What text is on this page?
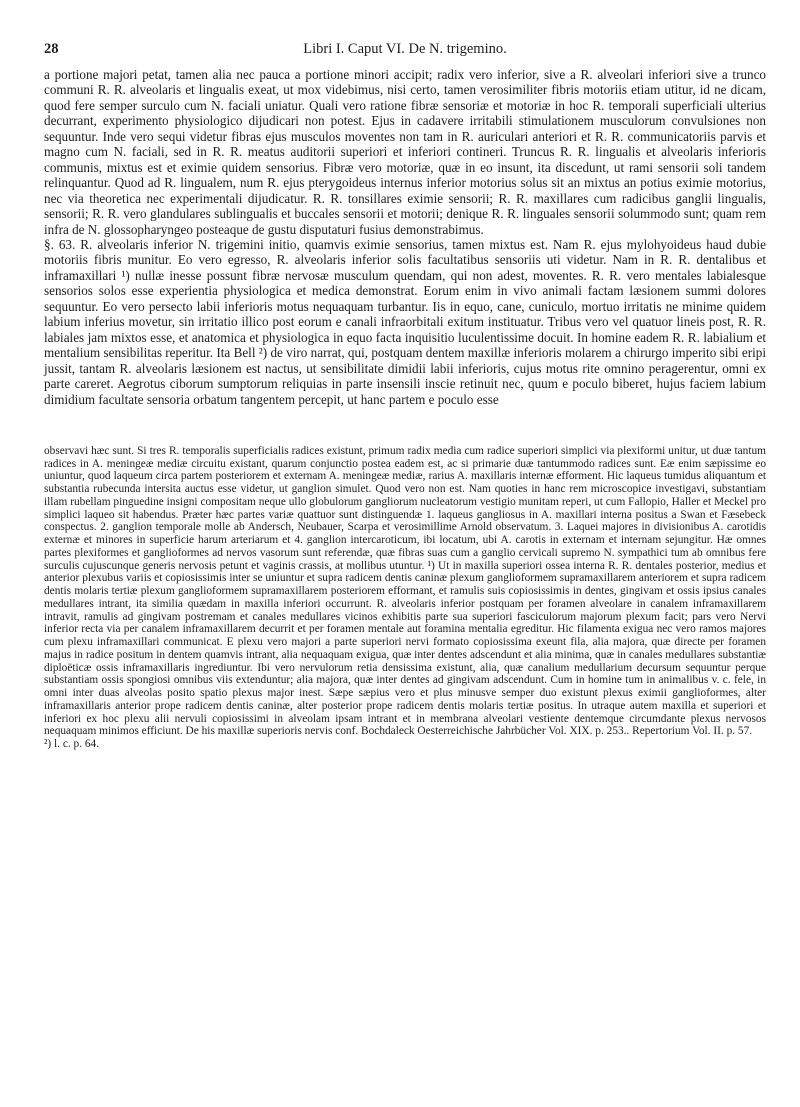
28	Libri I. Caput VI. De N. trigemino.

a portione majori petat, tamen alia nec pauca a portione minori accipit; radix vero inferior, sive a R. alveolari inferiori sive a trunco communi R. R. alveolaris et lingualis exeat, ut mox videbimus, nisi certo, tamen verosimiliter fibris motoriis etiam utitur, id ne dicam, quod fere semper surculo cum N. faciali uniatur. Quali vero ratione fibræ sensoriæ et motoriæ in hoc R. temporali superficiali ulterius decurrant, experimento physiologico dijudicari non potest. Ejus in cadavere irritabili stimulationem musculorum convulsiones non sequuntur. Inde vero sequi videtur fibras ejus musculos moventes non tam in R. auriculari anteriori et R. R. communicatoriis parvis et magno cum N. faciali, sed in R. R. meatus auditorii superiori et inferiori contineri. Truncus R. R. lingualis et alveolaris inferioris communis, mixtus est et eximie quidem sensorius. Fibræ vero motoriæ, quæ in eo insunt, ita discedunt, ut rami sensorii soli tandem relinquantur. Quod ad R. lingualem, num R. ejus pterygoideus internus inferior motorius solus sit an mixtus an potius eximie motorius, nec via theoretica nec experimentali dijudicatur. R. R. tonsillares eximie sensorii; R. R. maxillares cum radicibus ganglii lingualis, sensorii; R. R. vero glandulares sublingualis et buccales sensorii et motorii; denique R. R. linguales sensorii solummodo sunt; quam rem infra de N. glossopharyngeo posteaque de gustu disputaturi fusius demonstrabimus.

§. 63. R. alveolaris inferior N. trigemini initio, quamvis eximie sensorius, tamen mixtus est. Nam R. ejus mylohyoideus haud dubie motoriis fibris munitur. Eo vero egresso, R. alveolaris inferior solis facultatibus sensoriis uti videtur. Nam in R. R. dentalibus et inframaxillari ¹) nullæ inesse possunt fibræ nervosæ musculum quendam, qui non adest, moventes. R. R. vero mentales labialesque sensorios solos esse experientia physiologica et medica demonstrat. Eorum enim in vivo animali factam læsionem summi dolores sequuntur. Eo vero persecto labii inferioris motus nequaquam turbantur. Iis in equo, cane, cuniculo, mortuo irritatis ne minime quidem labium inferius movetur, sin irritatio illico post eorum e canali infraorbitali exitum instituatur. Tribus vero vel quatuor lineis post, R. R. labiales jam mixtos esse, et anatomica et physiologica in equo facta inquisitio luculentissime docuit. In homine eadem R. R. labialium et mentalium sensibilitas reperitur. Ita Bell ²) de viro narrat, qui, postquam dentem maxillæ inferioris molarem a chirurgo imperito sibi eripi jussit, tantam R. alveolaris læsionem est nactus, ut sensibilitate dimidii labii inferioris, cujus motus rite omnino peragerentur, omni ex parte careret. Aegrotus ciborum sumptorum reliquias in parte insensili inscie retinuit nec, quum e poculo biberet, hujus faciem labium dimidium facultate sensoria orbatum tangentem percepit, ut hanc partem e poculo esse

observavi hæc sunt. Si tres R. temporalis superficialis radices existunt, primum radix media cum radice superiori simplici via plexiformi unitur, ut duæ tantum radices in A. meningeæ mediæ circuitu existant, quarum conjunctio postea eadem est, ac si primarie duæ tantummodo radices sunt. Eæ enim sæpissime eo uniuntur, quod laqueum circa partem posteriorem et externam A. meningeæ mediæ, rarius A. maxillaris internæ efforment. Hic laqueus tumidus aliquantum et substantia rubecunda intersita auctus esse videtur, ut ganglion simulet. Quod vero non est. Nam quoties in hanc rem microscopice investigavi, substantiam illam rubellam pinguedine insigni compositam neque ullo globulorum gangliorum nucleatorum vestigio munitam reperi, ut cum Fallopio, Haller et Meckel pro simplici laqueo sit habendus. Præter hæc partes variæ quattuor sunt distinguendæ 1. laqueus gangliosus in A. maxillari interna positus a Swan et Fæsebeck conspectus. 2. ganglion temporale molle ab Andersch, Neubauer, Scarpa et verosimillime Arnold observatum. 3. Laquei majores in divisionibus A. carotidis externæ et minores in superficie harum arteriarum et 4. ganglion intercaroticum, ibi locatum, ubi A. carotis in externam et internam sejungitur. Hæ omnes partes plexiformes et ganglioformes ad nervos vasorum sunt referendæ, quæ fibras suas cum a ganglio cervicali supremo N. sympathici tum ab omnibus fere surculis cujuscunque generis nervosis petunt et vaginis crassis, at mollibus utuntur. ¹) Ut in maxilla superiori ossea interna R. R. dentales posterior, medius et anterior plexubus variis et copiosissimis inter se uniuntur et supra radicem dentis caninæ plexum ganglioformem supramaxillarem anteriorem et supra radicem dentis molaris tertiæ plexum ganglioformem supramaxillarem posteriorem efformant, et ramulis suis copiosissimis in dentes, gingivam et ossis ipsius canales medullares intrant, ita similia quædam in maxilla inferiori occurrunt. R. alveolaris inferior postquam per foramen alveolare in canalem inframaxillarem intravit, ramulis ad gingivam postremam et canales medullares vicinos exhibitis parte sua superiori fasciculorum majorum plexum facit; pars vero Nervi inferior recta via per canalem inframaxillarem decurrit et per foramen mentale aut foramina mentalia egreditur. Hic filamenta exigua nec vero ramos majores cum plexu inframaxillari communicat. E plexu vero majori a parte superiori nervi formato copiosissima exeunt fila, alia majora, quæ directe per foramen majus in radice positum in dentem quamvis intrant, alia nequaquam exigua, quæ inter dentes adscendunt et alia minima, quæ in canales medullares substantiæ diploëticæ ossis inframaxillaris ingrediuntur. Ibi vero nervulorum retia densissima existunt, alia, quæ canalium medullarium decursum sequuntur perque substantiam ossis spongiosi omnibus viis extenduntur; alia majora, quæ inter dentes ad gingivam adscendunt. Cum in homine tum in animalibus v. c. fele, in omni inter duas alveolas posito spatio plexus major inest. Sæpe sæpius vero et plus minusve semper duo existunt plexus eximii ganglioformes, alter inframaxillaris anterior prope radicem dentis caninæ, alter posterior prope radicem dentis molaris tertiæ positus. In utraque autem maxilla et superiori et inferiori ex hoc plexu alii nervuli copiosissimi in alveolam ipsam intrant et in membrana alveolari vestiente dentemque circumdante plexus nervosos nequaquam minimos efficiunt. De his maxillæ superioris nervis conf. Bochdaleck Oesterreichische Jahrbücher Vol. XIX. p. 253.. Repertorium Vol. II. p. 57.

²) l. c. p. 64.
